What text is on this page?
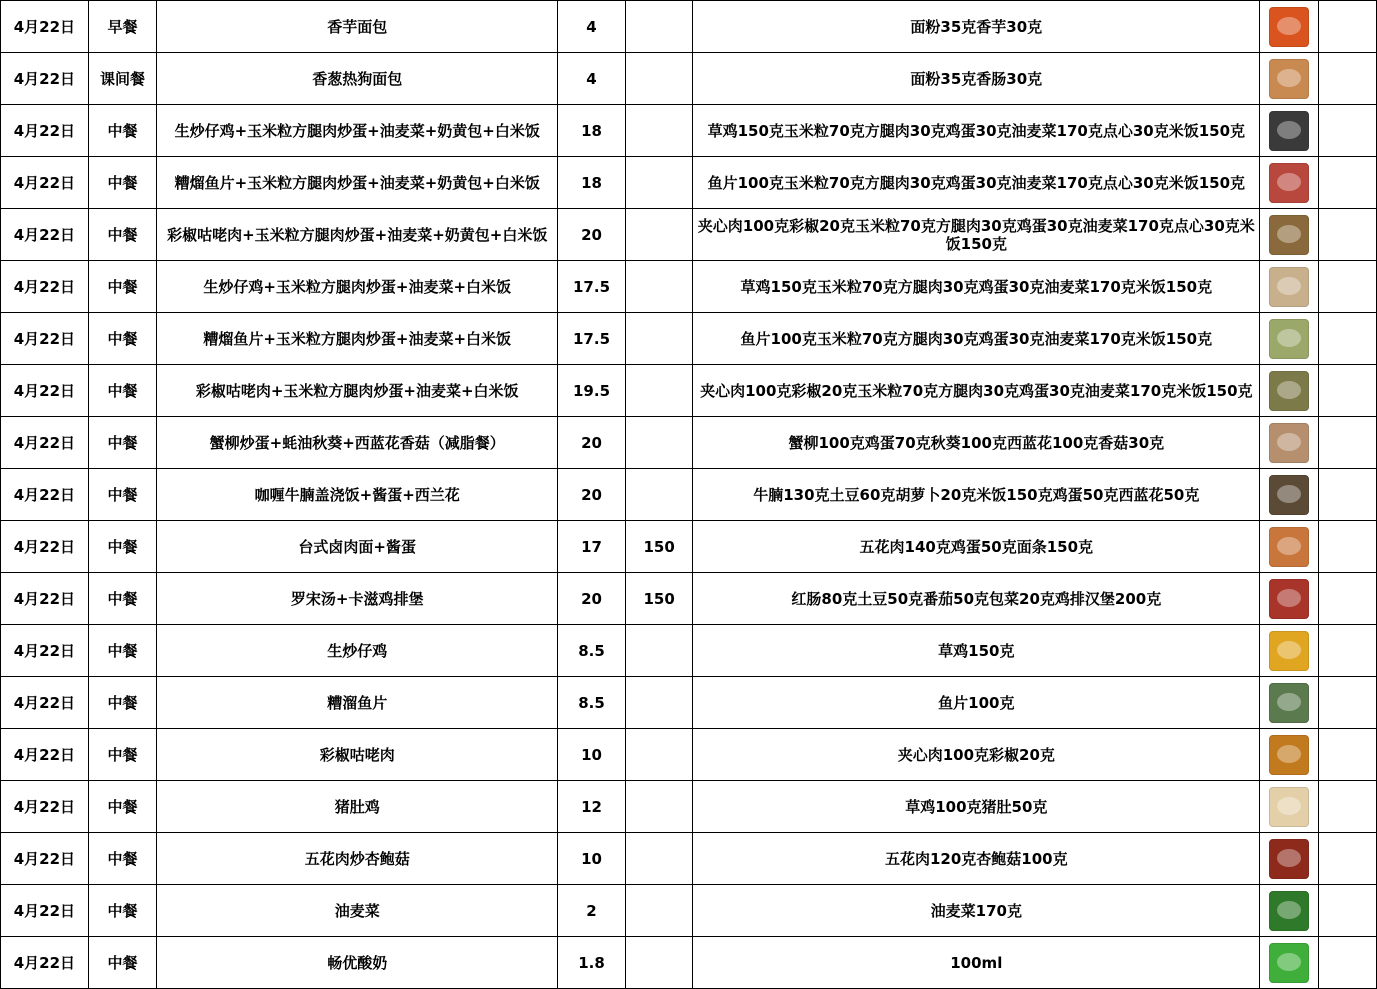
4月22日	早餐	香芋面包	4		面粉35克香芋30克	

4月22日	课间餐	香葱热狗面包	4		面粉35克香肠30克	

4月22日	中餐	生炒仔鸡+玉米粒方腿肉炒蛋+油麦菜+奶黄包+白米饭	18		草鸡150克玉米粒70克方腿肉30克鸡蛋30克油麦菜170克点心30克米饭150克	

4月22日	中餐	糟熘鱼片+玉米粒方腿肉炒蛋+油麦菜+奶黄包+白米饭	18		鱼片100克玉米粒70克方腿肉30克鸡蛋30克油麦菜170克点心30克米饭150克	

4月22日	中餐	彩椒咕咾肉+玉米粒方腿肉炒蛋+油麦菜+奶黄包+白米饭	20		夹心肉100克彩椒20克玉米粒70克方腿肉30克鸡蛋30克油麦菜170克点心30克米饭150克	

4月22日	中餐	生炒仔鸡+玉米粒方腿肉炒蛋+油麦菜+白米饭	17.5		草鸡150克玉米粒70克方腿肉30克鸡蛋30克油麦菜170克米饭150克	

4月22日	中餐	糟熘鱼片+玉米粒方腿肉炒蛋+油麦菜+白米饭	17.5		鱼片100克玉米粒70克方腿肉30克鸡蛋30克油麦菜170克米饭150克	

4月22日	中餐	彩椒咕咾肉+玉米粒方腿肉炒蛋+油麦菜+白米饭	19.5		夹心肉100克彩椒20克玉米粒70克方腿肉30克鸡蛋30克油麦菜170克米饭150克	

4月22日	中餐	蟹柳炒蛋+蚝油秋葵+西蓝花香菇（减脂餐）	20		蟹柳100克鸡蛋70克秋葵100克西蓝花100克香菇30克	

4月22日	中餐	咖喱牛腩盖浇饭+酱蛋+西兰花	20		牛腩130克土豆60克胡萝卜20克米饭150克鸡蛋50克西蓝花50克	

4月22日	中餐	台式卤肉面+酱蛋	17	150	五花肉140克鸡蛋50克面条150克	

4月22日	中餐	罗宋汤+卡滋鸡排堡	20	150	红肠80克土豆50克番茄50克包菜20克鸡排汉堡200克	

4月22日	中餐	生炒仔鸡	8.5		草鸡150克	

4月22日	中餐	糟溜鱼片	8.5		鱼片100克	

4月22日	中餐	彩椒咕咾肉	10		夹心肉100克彩椒20克	

4月22日	中餐	猪肚鸡	12		草鸡100克猪肚50克	

4月22日	中餐	五花肉炒杏鲍菇	10		五花肉120克杏鲍菇100克	

4月22日	中餐	油麦菜	2		油麦菜170克	

4月22日	中餐	畅优酸奶	1.8		100ml	
